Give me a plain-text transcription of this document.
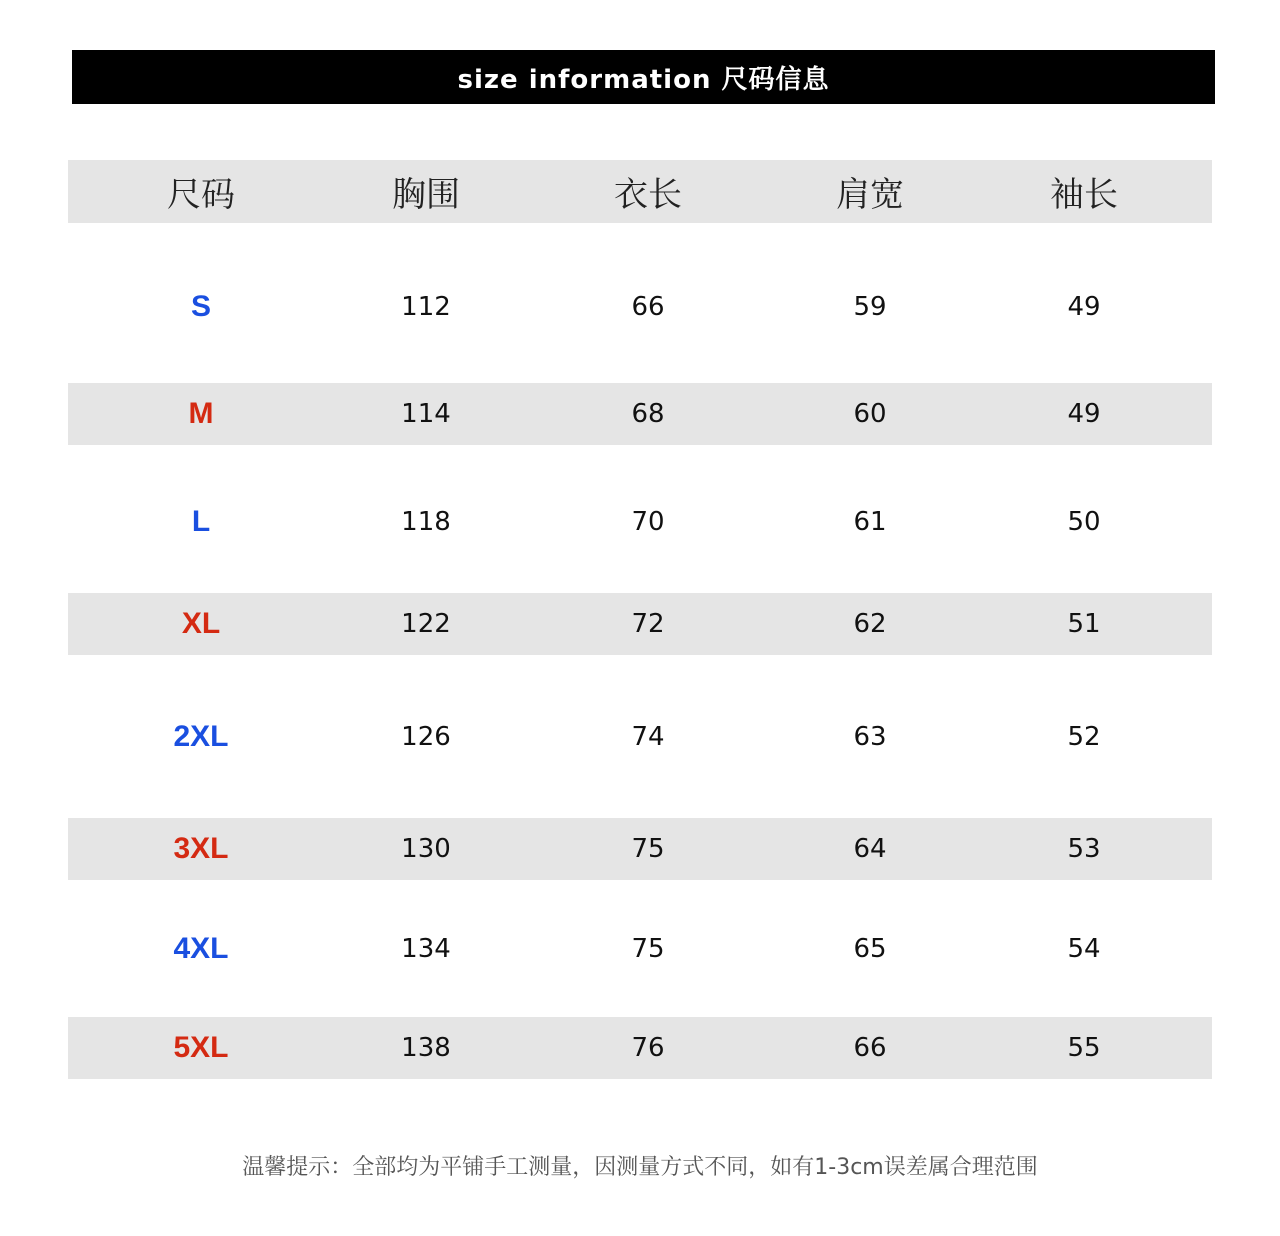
size information 尺码信息
尺码	胸围	衣长	肩宽	袖长
S	112	66	59	49
M	114	68	60	49
L	118	70	61	50
XL	122	72	62	51
2XL	126	74	63	52
3XL	130	75	64	53
4XL	134	75	65	54
5XL	138	76	66	55
温馨提示：全部均为平铺手工测量，因测量方式不同，如有1-3cm误差属合理范围
